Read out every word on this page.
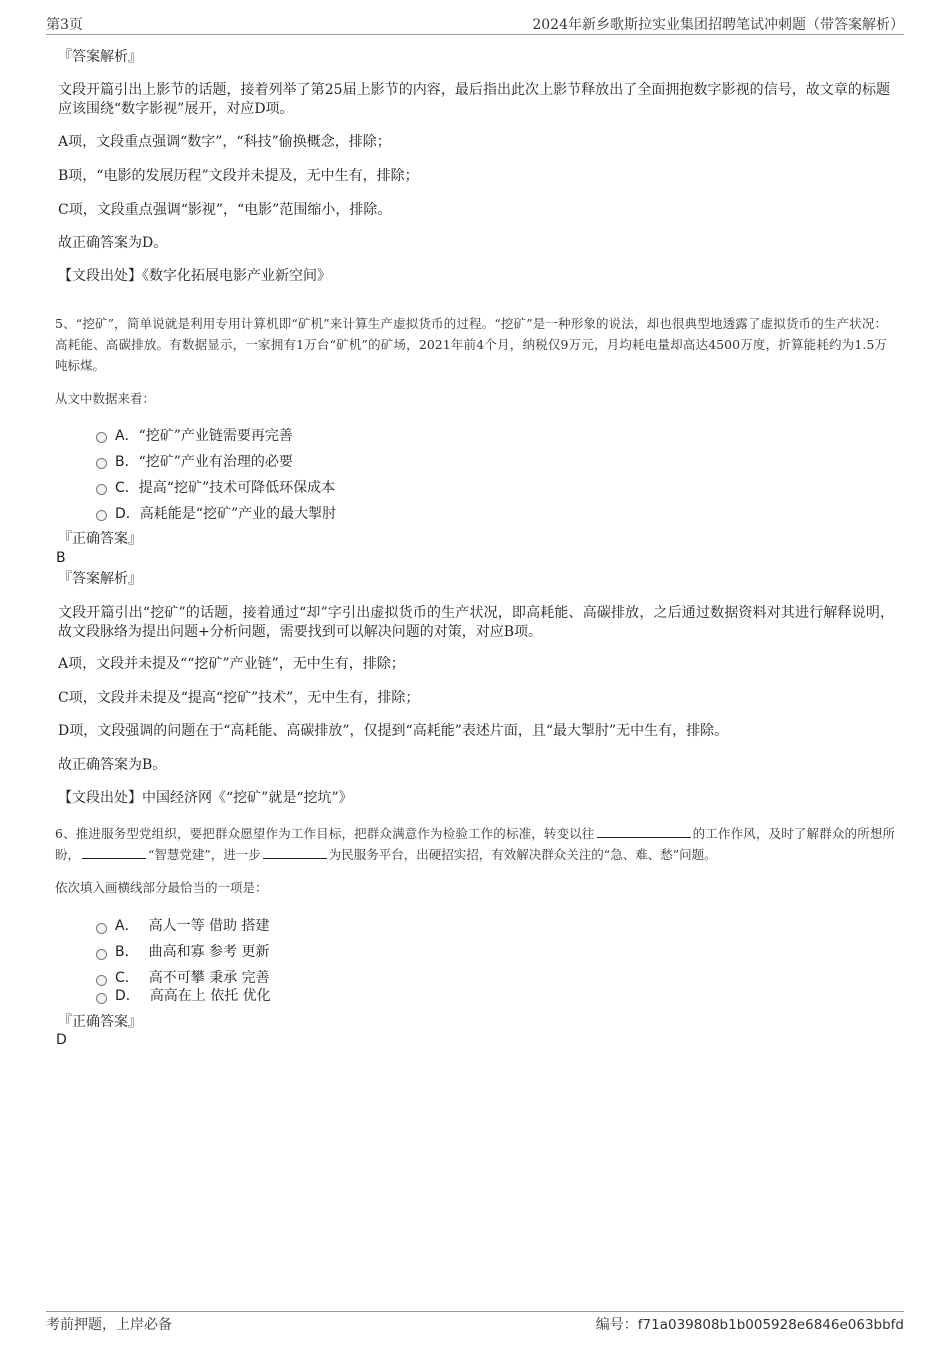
第3页	2024年新乡歌斯拉实业集团招聘笔试冲刺题（带答案解析）
『答案解析』
文段开篇引出上影节的话题，接着列举了第25届上影节的内容，最后指出此次上影节释放出了全面拥抱数字影视的信号，故文章的标题应该围绕“数字影视”展开，对应D项。
A项，文段重点强调“数字”，“科技”偷换概念，排除；
B项，“电影的发展历程”文段并未提及，无中生有，排除；
C项，文段重点强调“影视”，“电影”范围缩小，排除。
故正确答案为D。
【文段出处】《数字化拓展电影产业新空间》
5、“挖矿”，简单说就是利用专用计算机即“矿机”来计算生产虚拟货币的过程。“挖矿”是一种形象的说法，却也很典型地透露了虚拟货币的生产状况：高耗能、高碳排放。有数据显示，一家拥有1万台“矿机”的矿场，2021年前4个月，纳税仅9万元，月均耗电量却高达4500万度，折算能耗约为1.5万吨标煤。
从文中数据来看：
A．“挖矿”产业链需要再完善
B．“挖矿”产业有治理的必要
C．提高“挖矿”技术可降低环保成本
D．高耗能是“挖矿”产业的最大掣肘
『正确答案』
B
『答案解析』
文段开篇引出“挖矿”的话题，接着通过“却”字引出虚拟货币的生产状况，即高耗能、高碳排放，之后通过数据资料对其进行解释说明，故文段脉络为提出问题+分析问题，需要找到可以解决问题的对策，对应B项。
A项，文段并未提及““挖矿”产业链”，无中生有，排除；
C项，文段并未提及“提高“挖矿”技术”，无中生有，排除；
D项，文段强调的问题在于“高耗能、高碳排放”，仅提到“高耗能”表述片面，且“最大掣肘”无中生有，排除。
故正确答案为B。
【文段出处】中国经济网《“挖矿”就是“挖坑”》
6、推进服务型党组织，要把群众愿望作为工作目标，把群众满意作为检验工作的标准，转变以往	的工作作风，及时了解群众的所想所盼，	“智慧党建”，进一步	为民服务平台，出硬招实招，有效解决群众关注的“急、难、愁”问题。
依次填入画横线部分最恰当的一项是：
A． 高人一等 借助 搭建
B． 曲高和寡 参考 更新
C． 高不可攀 秉承 完善
D． 高高在上 依托 优化
『正确答案』
D
考前押题，上岸必备	编号：f71a039808b1b005928e6846e063bbfd
